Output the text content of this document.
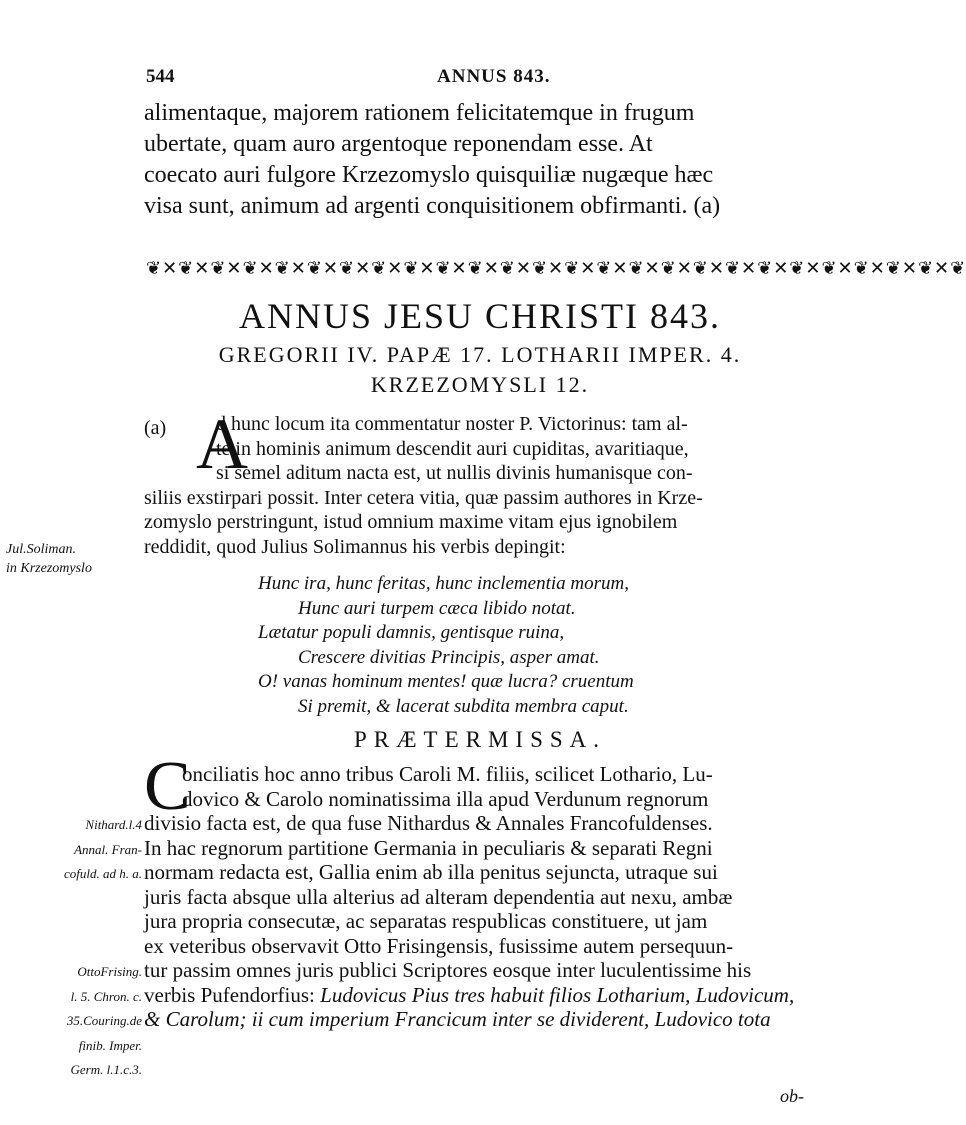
544	ANNUS 843.
alimentaque, majorem rationem felicitatemque in frugum
ubertate, quam auro argentoque reponendam esse. At
coecato auri fulgore Krzezomyslo quisquiliæ nugæque hæc
visa sunt, animum ad argenti conquisitionem obfirmanti. (a)
❦✕❦✕❦✕❦✕❦✕❦✕❦✕❦✕❦✕❦✕❦✕❦✕❦✕❦✕❦✕❦✕❦✕❦✕❦✕❦✕❦✕❦✕❦✕❦✕❦✕❦
ANNUS JESU CHRISTI 843.
GREGORII IV. PAPÆ 17. LOTHARII IMPER. 4.
KRZEZOMYSLI 12.
(a) A
d hunc locum ita commentatur noster P. Victorinus: tam al-
te in hominis animum descendit auri cupiditas, avaritiaque,
si semel aditum nacta est, ut nullis divinis humanisque con-
siliis exstirpari possit. Inter cetera vitia, quæ passim authores in Krze-
zomyslo perstringunt, istud omnium maxime vitam ejus ignobilem
reddidit, quod Julius Solimannus his verbis depingit:
Jul.Soliman.
in Krzezomyslo
Hunc ira, hunc feritas, hunc inclementia morum,
Hunc auri turpem cæca libido notat.
Lætatur populi damnis, gentisque ruina,
Crescere divitias Principis, asper amat.
O! vanas hominum mentes! quæ lucra? cruentum
Si premit, & lacerat subdita membra caput.
PRÆTERMISSA.
C
onciliatis hoc anno tribus Caroli M. filiis, scilicet Lothario, Lu-
dovico & Carolo nominatissima illa apud Verdunum regnorum
divisio facta est, de qua fuse Nithardus & Annales Francofuldenses.
In hac regnorum partitione Germania in peculiaris & separati Regni
normam redacta est, Gallia enim ab illa penitus sejuncta, utraque sui
juris facta absque ulla alterius ad alteram dependentia aut nexu, ambæ
jura propria consecutæ, ac separatas respublicas constituere, ut jam
ex veteribus observavit Otto Frisingensis, fusissime autem persequun-
tur passim omnes juris publici Scriptores eosque inter luculentissime his
verbis Pufendorfius: Ludovicus Pius tres habuit filios Lotharium, Ludovicum,
& Carolum; ii cum imperium Francicum inter se dividerent, Ludovico tota
ob-
Nithard.l.4
Annal. Fran-
cofuld. ad h. a.

OttoFrising.
l. 5. Chron. c.
35.Couring.de
finib. Imper.
Germ. l.1.c.3.
